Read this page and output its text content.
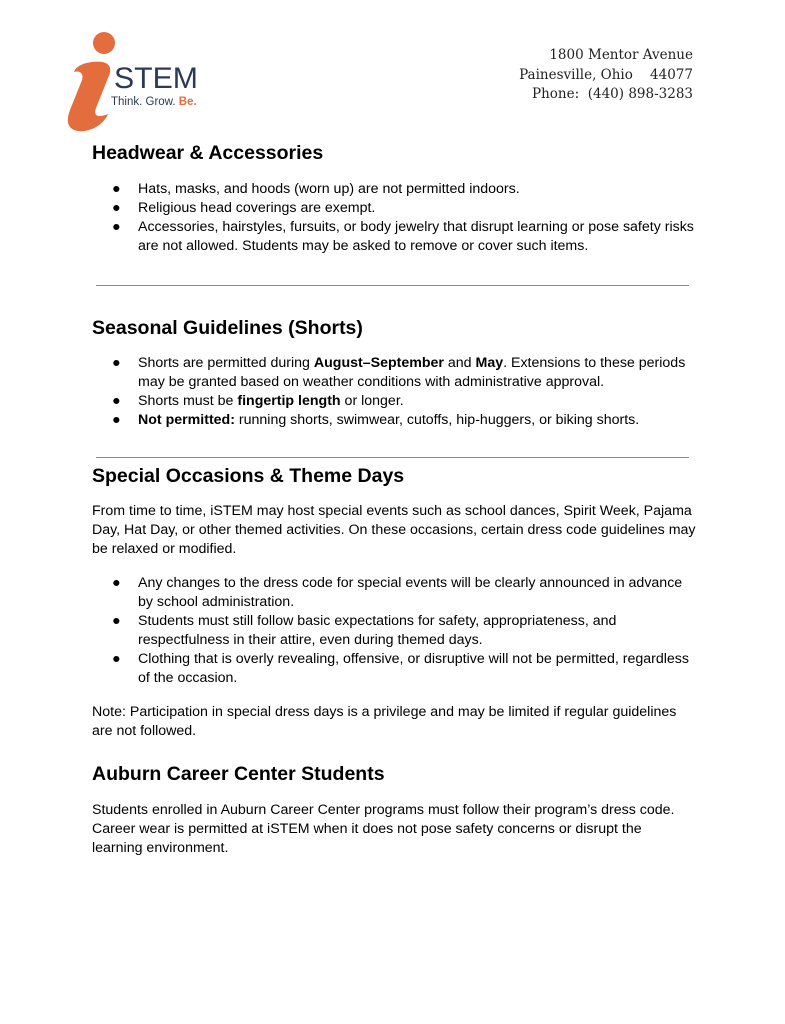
STEM
Think. Grow. Be.
1800 Mentor Avenue
Painesville, Ohio    44077
Phone:  (440) 898-3283
Headwear & Accessories
● Hats, masks, and hoods (worn up) are not permitted indoors.
● Religious head coverings are exempt.
● Accessories, hairstyles, fursuits, or body jewelry that disrupt learning or pose safety risks are not allowed. Students may be asked to remove or cover such items.
Seasonal Guidelines (Shorts)
● Shorts are permitted during August–September and May. Extensions to these periods may be granted based on weather conditions with administrative approval.
● Shorts must be fingertip length or longer.
● Not permitted: running shorts, swimwear, cutoffs, hip-huggers, or biking shorts.
Special Occasions & Theme Days

From time to time, iSTEM may host special events such as school dances, Spirit Week, Pajama Day, Hat Day, or other themed activities. On these occasions, certain dress code guidelines may be relaxed or modified.

● Any changes to the dress code for special events will be clearly announced in advance by school administration.
● Students must still follow basic expectations for safety, appropriateness, and respectfulness in their attire, even during themed days.
● Clothing that is overly revealing, offensive, or disruptive will not be permitted, regardless of the occasion.

Note: Participation in special dress days is a privilege and may be limited if regular guidelines are not followed.

Auburn Career Center Students

Students enrolled in Auburn Career Center programs must follow their program’s dress code. Career wear is permitted at iSTEM when it does not pose safety concerns or disrupt the learning environment.
